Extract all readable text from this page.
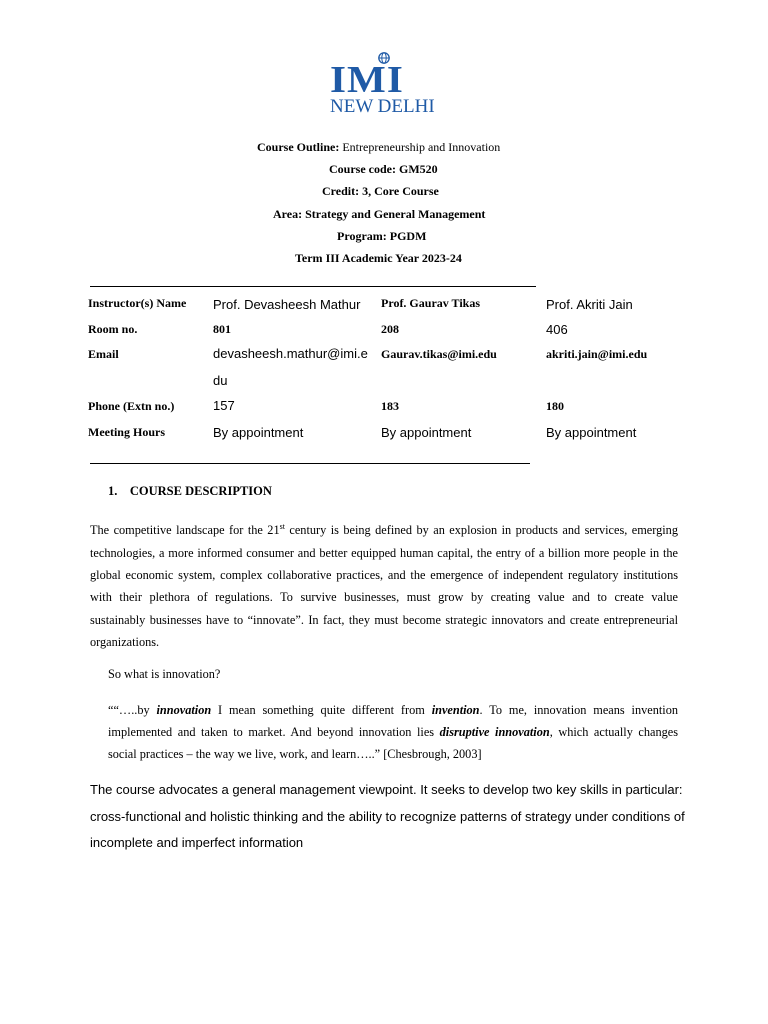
IMI
NEW DELHI
Course Outline: Entrepreneurship and Innovation
Course code: GM520
Credit: 3, Core Course
Area: Strategy and General Management
Program: PGDM
Term III Academic Year 2023-24
Instructor(s) Name
Room no.
Email
Phone (Extn no.)
Meeting Hours
Prof. Devasheesh Mathur
801
devasheesh.mathur@imi.e
du
157
By appointment
Prof. Gaurav Tikas
208
Gaurav.tikas@imi.edu
183
By appointment
Prof. Akriti Jain
406
akriti.jain@imi.edu
180
By appointment
1.    COURSE DESCRIPTION
The competitive landscape for the 21st century is being defined by an explosion in products and services, emerging
technologies, a more informed consumer and better equipped human capital, the entry of a billion more people in the
global economic system, complex collaborative practices, and the emergence of independent regulatory institutions
with their plethora of regulations. To survive businesses, must grow by creating value and to create value
sustainably businesses have to “innovate”. In fact, they must become strategic innovators and create entrepreneurial
organizations.
So what is innovation?
““…..by innovation I mean something quite different from invention. To me, innovation means invention
implemented and taken to market. And beyond innovation lies disruptive innovation, which actually changes
social practices – the way we live, work, and learn…..” [Chesbrough, 2003]
The course advocates a general management viewpoint. It seeks to develop two key skills in particular:
cross-functional and holistic thinking and the ability to recognize patterns of strategy under conditions of
incomplete and imperfect information
